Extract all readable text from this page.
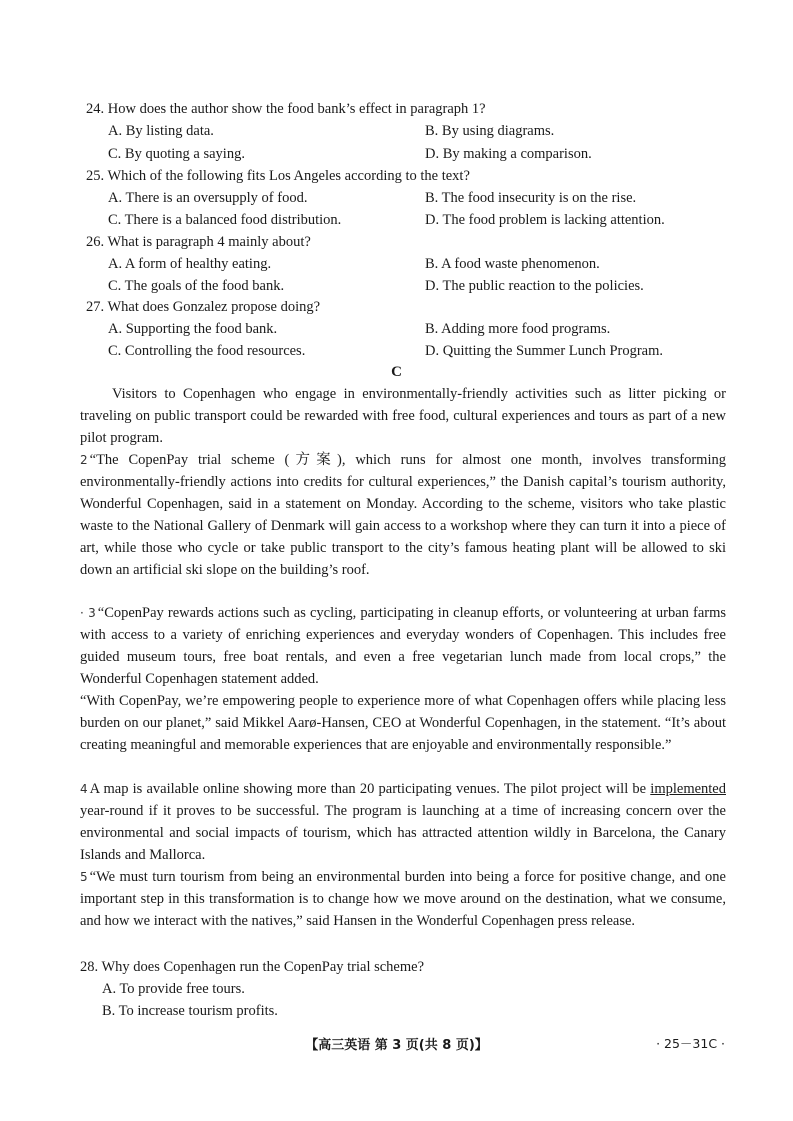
24. How does the author show the food bank’s effect in paragraph 1?
A. By listing data.	B. By using diagrams.
C. By quoting a saying.	D. By making a comparison.
25. Which of the following fits Los Angeles according to the text?
A. There is an oversupply of food.	B. The food insecurity is on the rise.
C. There is a balanced food distribution.	D. The food problem is lacking attention.
26. What is paragraph 4 mainly about?
A. A form of healthy eating.	B. A food waste phenomenon.
C. The goals of the food bank.	D. The public reaction to the policies.
27. What does Gonzalez propose doing?
A. Supporting the food bank.	B. Adding more food programs.
C. Controlling the food resources.	D. Quitting the Summer Lunch Program.
C
Visitors to Copenhagen who engage in environmentally-friendly activities such as litter picking or traveling on public transport could be rewarded with free food, cultural experiences and tours as part of a new pilot program.
2 “The CopenPay trial scheme (方案), which runs for almost one month, involves transforming environmentally-friendly actions into credits for cultural experiences,” the Danish capital’s tourism authority, Wonderful Copenhagen, said in a statement on Monday. According to the scheme, visitors who take plastic waste to the National Gallery of Denmark will gain access to a workshop where they can turn it into a piece of art, while those who cycle or take public transport to the city’s famous heating plant will be allowed to ski down an artificial ski slope on the building’s roof.
· 3 “CopenPay rewards actions such as cycling, participating in cleanup efforts, or volunteering at urban farms with access to a variety of enriching experiences and everyday wonders of Copenhagen. This includes free guided museum tours, free boat rentals, and even a free vegetarian lunch made from local crops,” the Wonderful Copenhagen statement added.
“With CopenPay, we’re empowering people to experience more of what Copenhagen offers while placing less burden on our planet,” said Mikkel Aarø-Hansen, CEO at Wonderful Copenhagen, in the statement. “It’s about creating meaningful and memorable experiences that are enjoyable and environmentally responsible.”
4 A map is available online showing more than 20 participating venues. The pilot project will be implemented year-round if it proves to be successful. The program is launching at a time of increasing concern over the environmental and social impacts of tourism, which has attracted attention wildly in Barcelona, the Canary Islands and Mallorca.
5 “We must turn tourism from being an environmental burden into being a force for positive change, and one important step in this transformation is to change how we move around on the destination, what we consume, and how we interact with the natives,” said Hansen in the Wonderful Copenhagen press release.
28. Why does Copenhagen run the CopenPay trial scheme?
A. To provide free tours.
B. To increase tourism profits.
【高三英语 第 3 页(共 8 页)】	· 25－31C ·
